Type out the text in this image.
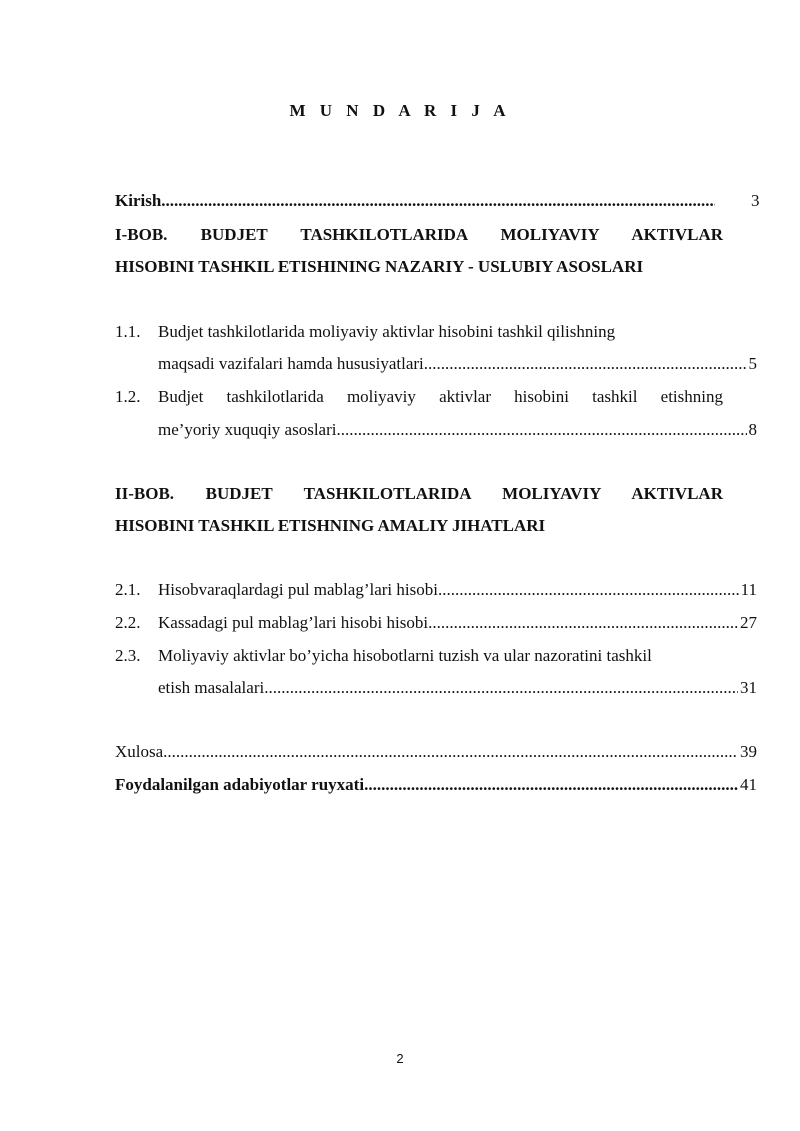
M U N D A R I J A
Kirish .....	3
I-BOB. BUDJET TASHKILOTLARIDA MOLIYAVIY AKTIVLAR
HISOBINI TASHKIL ETISHINING NAZARIY - USLUBIY ASOSLARI
1.1. Budjet tashkilotlarida moliyaviy aktivlar hisobini tashkil qilishning
maqsadi vazifalari hamda hususiyatlari .....	5
1.2. Budjet tashkilotlarida moliyaviy aktivlar hisobini tashkil etishning
me’yoriy xuquqiy asoslari .....	8
II-BOB. BUDJET TASHKILOTLARIDA MOLIYAVIY AKTIVLAR
HISOBINI TASHKIL ETISHNING AMALIY JIHATLARI
2.1.	Hisobvaraqlardagi pul mablag’lari hisobi .....	11
2.2.	Kassadagi pul mablag’lari hisobi hisobi .....	27
2.3. Moliyaviy aktivlar bo’yicha hisobotlarni tuzish va ular nazoratini tashkil
etish masalalari .....	31
Xulosa .....	39
Foydalanilgan adabiyotlar ruyxati .....	41
2
